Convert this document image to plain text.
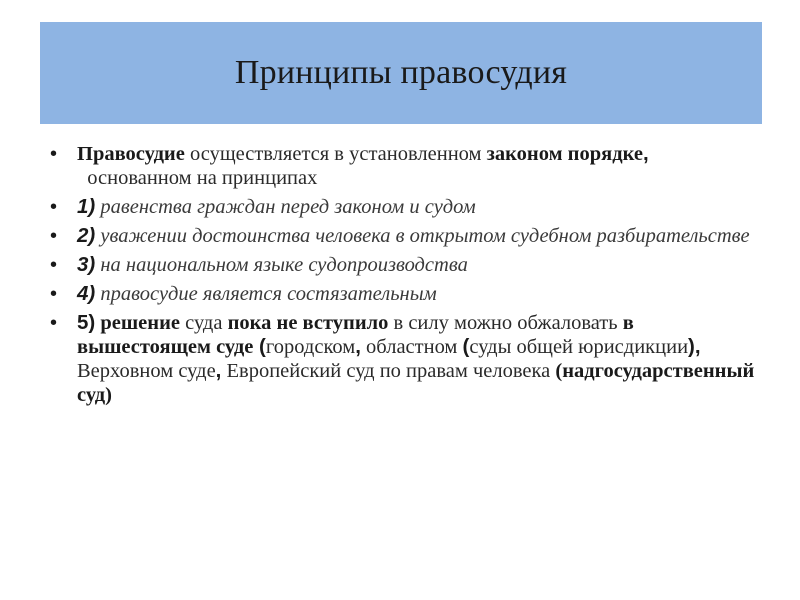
Принципы правосудия
• Правосудие осуществляется в установленном законом порядке,  основанном на принципах
• 1) равенства граждан перед законом и судом
• 2) уважении достоинства человека в открытом судебном разбирательстве
• 3) на национальном языке судопроизводства
• 4) правосудие является состязательным
• 5) решение суда пока не вступило в силу можно обжаловать в вышестоящем суде (городском, областном (суды общей юрисдикции), Верховном суде, Европейский суд по правам человека (надгосударственный суд)
